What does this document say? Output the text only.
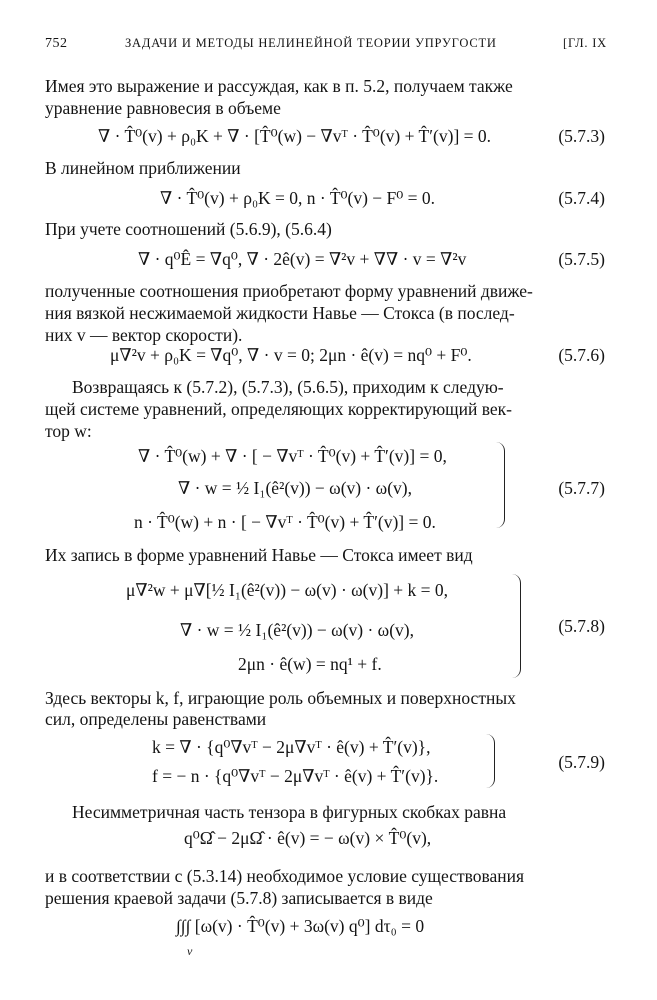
752	ЗАДАЧИ И МЕТОДЫ НЕЛИНЕЙНОЙ ТЕОРИИ УПРУГОСТИ	[ГЛ. IX
Имея это выражение и рассуждая, как в п. 5.2, получаем также
уравнение равновесия в объеме
∇ · T̂⁰(v) + ρ₀K + ∇ · [T̂⁰(w) − ∇vᵀ · T̂⁰(v) + T̂′(v)] = 0.	(5.7.3)
В линейном приближении
∇ · T̂⁰(v) + ρ₀K = 0, n · T̂⁰(v) − F⁰ = 0.	(5.7.4)
При учете соотношений (5.6.9), (5.6.4)
∇ · q⁰Ê = ∇q⁰, ∇ · 2ê(v) = ∇²v + ∇∇ · v = ∇²v	(5.7.5)
полученные соотношения приобретают форму уравнений движе-
ния вязкой несжимаемой жидкости Навье — Стокса (в послед-
них v — вектор скорости).
μ∇²v + ρ₀K = ∇q⁰, ∇ · v = 0; 2μn · ê(v) = nq⁰ + F⁰.	(5.7.6)
Возвращаясь к (5.7.2), (5.7.3), (5.6.5), приходим к следую-
щей системе уравнений, определяющих корректирующий век-
тор w:
∇ · T̂⁰(w) + ∇ · [ − ∇vᵀ · T̂⁰(v) + T̂′(v)] = 0,
∇ · w = ½ I₁(ê²(v)) − ω(v) · ω(v),
n · T̂⁰(w) + n · [ − ∇vᵀ · T̂⁰(v) + T̂′(v)] = 0.
(5.7.7)
Их запись в форме уравнений Навье — Стокса имеет вид
μ∇²w + μ∇[½ I₁(ê²(v)) − ω(v) · ω(v)] + k = 0,
∇ · w = ½ I₁(ê²(v)) − ω(v) · ω(v),
2μn · ê(w) = nq¹ + f.
(5.7.8)
Здесь векторы k, f, играющие роль объемных и поверхностных
сил, определены равенствами
k = ∇ · {q⁰∇vᵀ − 2μ∇vᵀ · ê(v) + T̂′(v)},
f = − n · {q⁰∇vᵀ − 2μ∇vᵀ · ê(v) + T̂′(v)}.
(5.7.9)
Несимметричная часть тензора в фигурных скобках равна
q⁰Ω̂ − 2μΩ̂ · ê(v) = − ω(v) × T̂⁰(v),
и в соответствии с (5.3.14) необходимое условие существования
решения краевой задачи (5.7.8) записывается в виде
∫∫∫ [ω(v) · T̂⁰(v) + 3ω(v) q⁰] dτ₀ = 0
v
